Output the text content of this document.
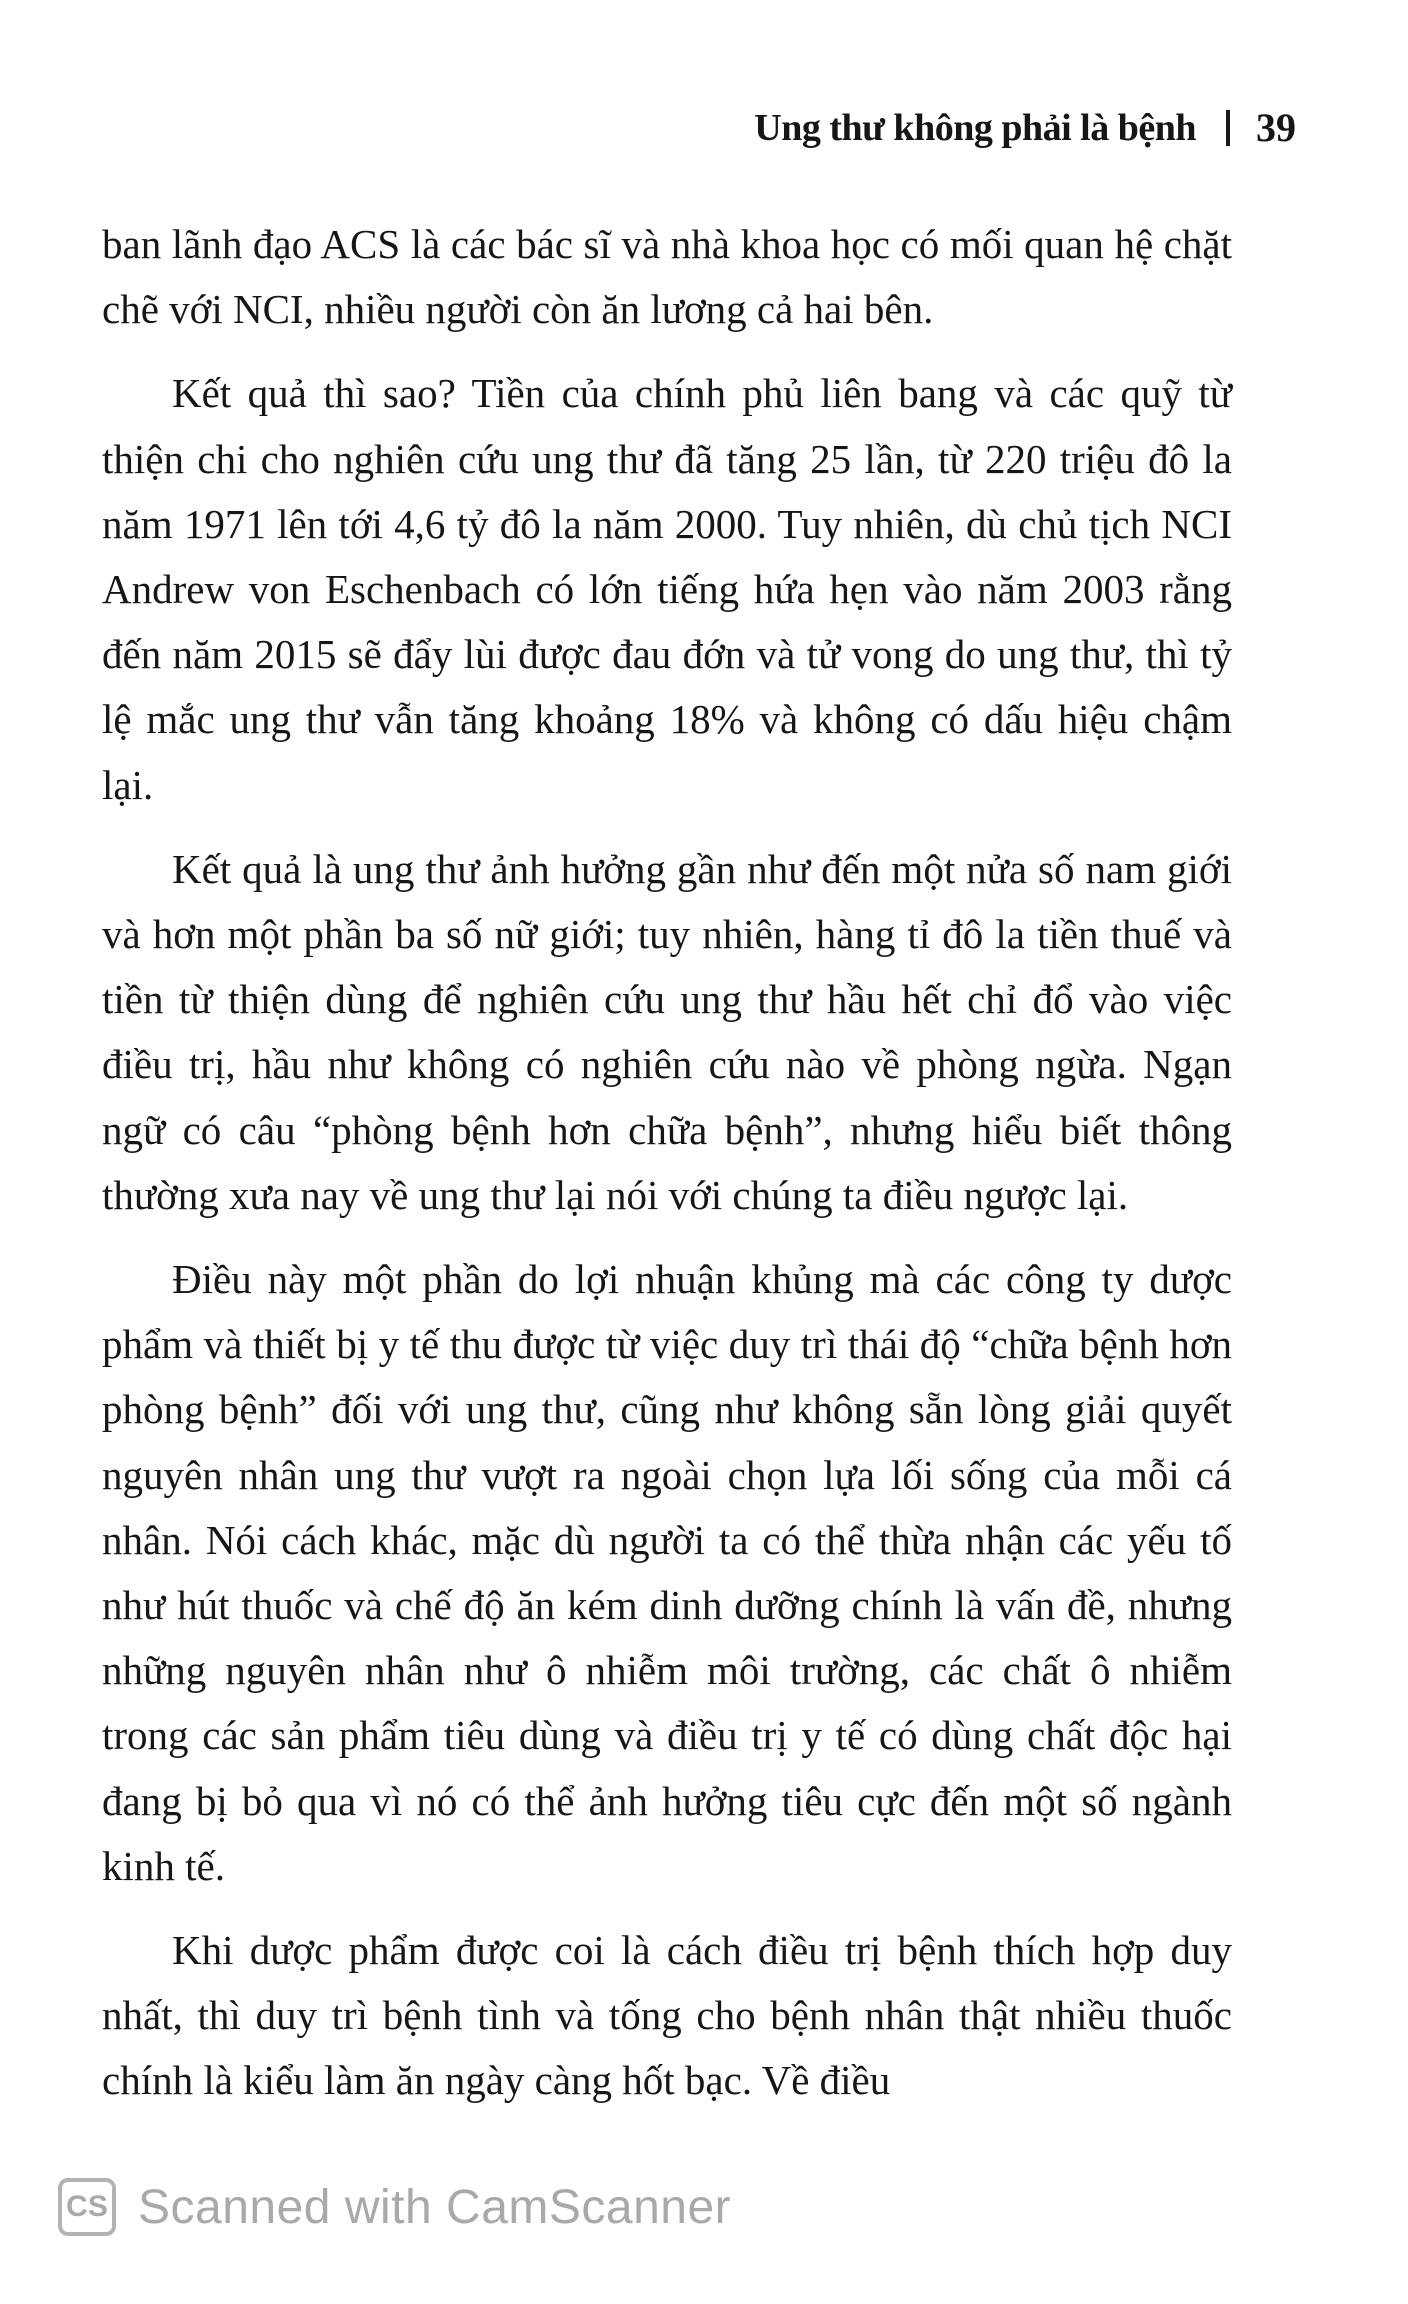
Ung thư không phải là bệnh 39

ban lãnh đạo ACS là các bác sĩ và nhà khoa học có mối quan hệ chặt chẽ với NCI, nhiều người còn ăn lương cả hai bên.

Kết quả thì sao? Tiền của chính phủ liên bang và các quỹ từ thiện chi cho nghiên cứu ung thư đã tăng 25 lần, từ 220 triệu đô la năm 1971 lên tới 4,6 tỷ đô la năm 2000. Tuy nhiên, dù chủ tịch NCI Andrew von Eschenbach có lớn tiếng hứa hẹn vào năm 2003 rằng đến năm 2015 sẽ đẩy lùi được đau đớn và tử vong do ung thư, thì tỷ lệ mắc ung thư vẫn tăng khoảng 18% và không có dấu hiệu chậm lại.

Kết quả là ung thư ảnh hưởng gần như đến một nửa số nam giới và hơn một phần ba số nữ giới; tuy nhiên, hàng tỉ đô la tiền thuế và tiền từ thiện dùng để nghiên cứu ung thư hầu hết chỉ đổ vào việc điều trị, hầu như không có nghiên cứu nào về phòng ngừa. Ngạn ngữ có câu “phòng bệnh hơn chữa bệnh”, nhưng hiểu biết thông thường xưa nay về ung thư lại nói với chúng ta điều ngược lại.

Điều này một phần do lợi nhuận khủng mà các công ty dược phẩm và thiết bị y tế thu được từ việc duy trì thái độ “chữa bệnh hơn phòng bệnh” đối với ung thư, cũng như không sẵn lòng giải quyết nguyên nhân ung thư vượt ra ngoài chọn lựa lối sống của mỗi cá nhân. Nói cách khác, mặc dù người ta có thể thừa nhận các yếu tố như hút thuốc và chế độ ăn kém dinh dưỡng chính là vấn đề, nhưng những nguyên nhân như ô nhiễm môi trường, các chất ô nhiễm trong các sản phẩm tiêu dùng và điều trị y tế có dùng chất độc hại đang bị bỏ qua vì nó có thể ảnh hưởng tiêu cực đến một số ngành kinh tế.

Khi dược phẩm được coi là cách điều trị bệnh thích hợp duy nhất, thì duy trì bệnh tình và tống cho bệnh nhân thật nhiều thuốc chính là kiểu làm ăn ngày càng hốt bạc. Về điều

CS Scanned with CamScanner
